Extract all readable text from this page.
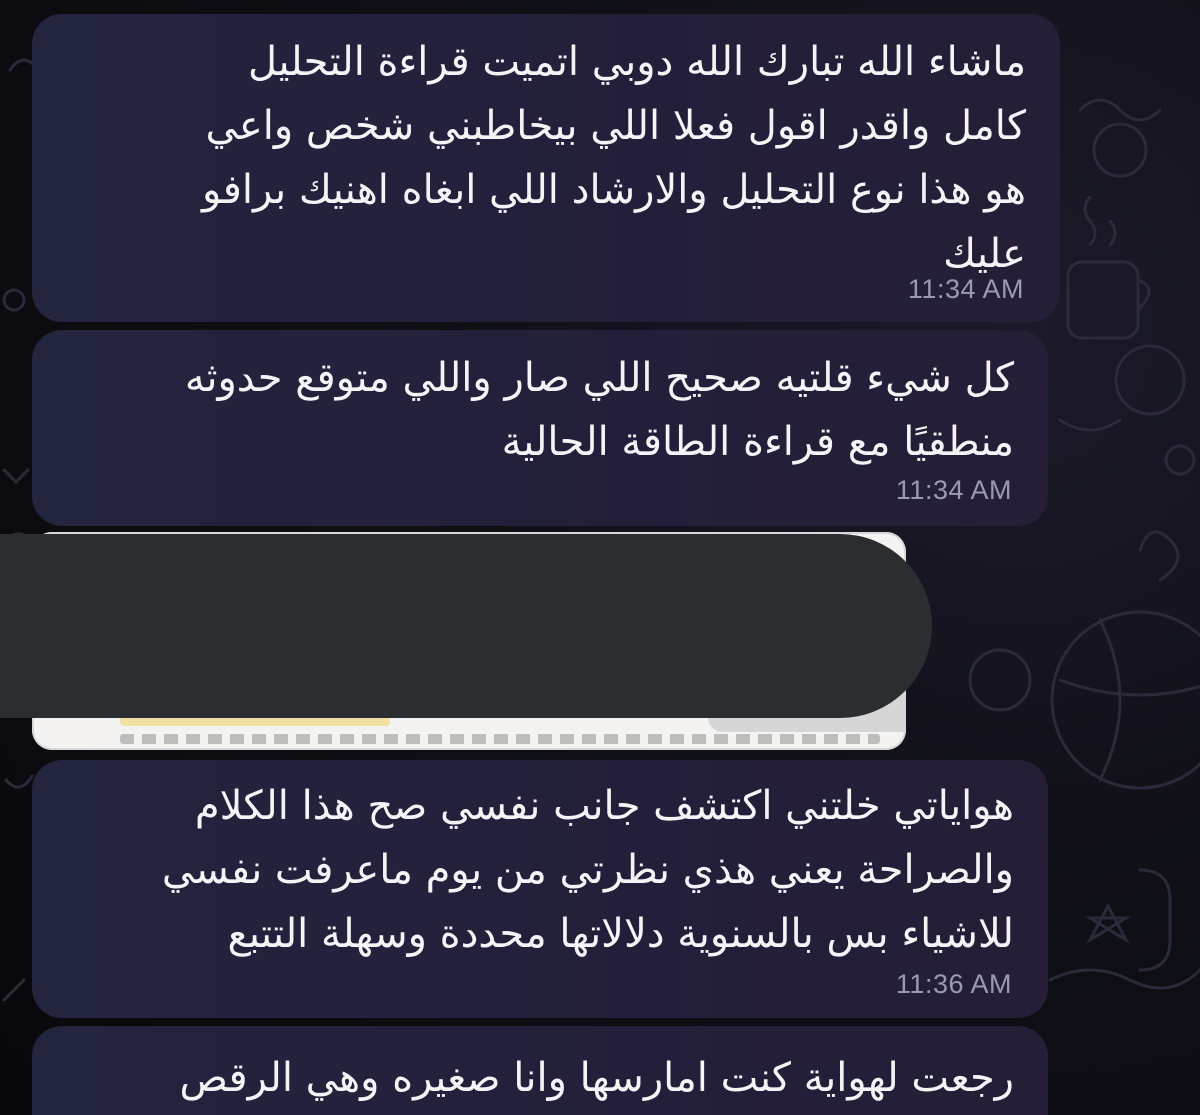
ماشاء الله تبارك الله دوبي اتميت قراءة التحليل
كامل واقدر اقول فعلا اللي بيخاطبني شخص واعي
هو هذا نوع التحليل والارشاد اللي ابغاه اهنيك برافو
عليك
11:34 AM
كل شيء قلتيه صحيح اللي صار واللي متوقع حدوثه
منطقيًا مع قراءة الطاقة الحالية
11:34 AM
هواياتي خلتني اكتشف جانب نفسي صح هذا الكلام
والصراحة يعني هذي نظرتي من يوم ماعرفت نفسي
للاشياء بس بالسنوية دلالاتها محددة وسهلة التتبع
11:36 AM
رجعت لهواية كنت امارسها وانا صغيره وهي الرقص
